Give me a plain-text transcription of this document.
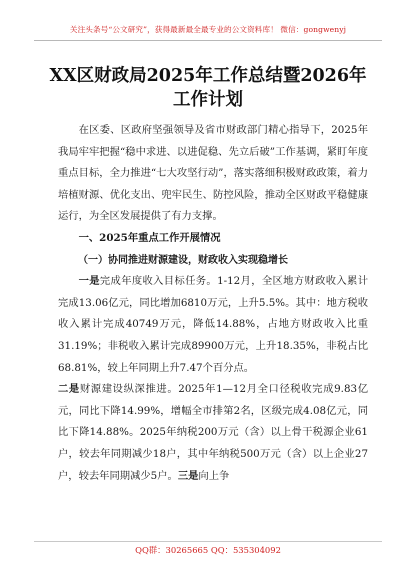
关注头条号“公文研究”，获得最新最全最专业的公文资料库！ 微信：gongwenyj
XX区财政局2025年工作总结暨2026年
工作计划

在区委、区政府坚强领导及省市财政部门精心指导下，2025年我局牢牢把握“稳中求进、以进促稳、先立后破”工作基调，紧盯年度重点目标，全力推进“七大攻坚行动”，落实落细积极财政政策，着力培植财源、优化支出、兜牢民生、防控风险，推动全区财政平稳健康运行，为全区发展提供了有力支撑。

一、2025年重点工作开展情况

（一）协同推进财源建设，财政收入实现稳增长

一是完成年度收入目标任务。1-12月，全区地方财政收入累计完成13.06亿元，同比增加6810万元，上升5.5%。其中：地方税收收入累计完成40749万元，降低14.88%，占地方财政收入比重31.19%；非税收入累计完成89900万元，上升18.35%，非税占比68.81%，较上年同期上升7.47个百分点。

二是财源建设纵深推进。2025年1—12月全口径税收完成9.83亿元，同比下降14.99%，增幅全市排第2名，区级完成4.08亿元，同比下降14.88%。2025年纳税200万元（含）以上骨干税源企业61户，较去年同期减少18户，其中年纳税500万元（含）以上企业27户，较去年同期减少5户。三是向上争

QQ群：30265665 QQ：535304092
